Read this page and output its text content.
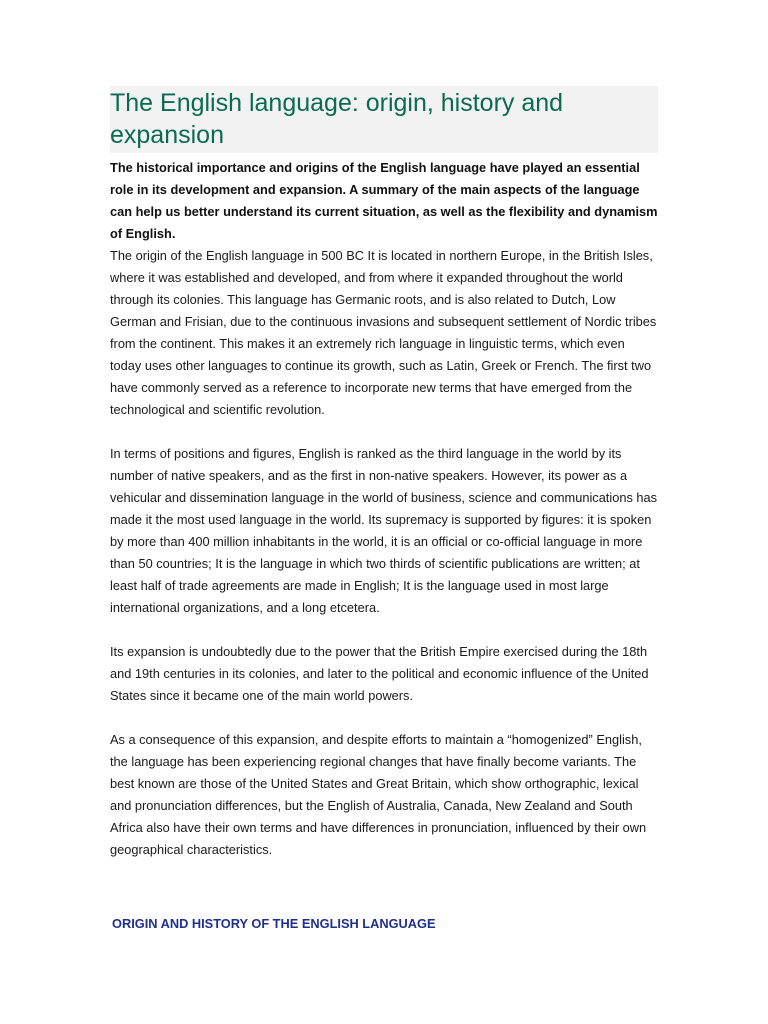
The English language: origin, history and expansion

The historical importance and origins of the English language have played an essential role in its development and expansion. A summary of the main aspects of the language can help us better understand its current situation, as well as the flexibility and dynamism of English.

The origin of the English language in 500 BC It is located in northern Europe, in the British Isles, where it was established and developed, and from where it expanded throughout the world through its colonies. This language has Germanic roots, and is also related to Dutch, Low German and Frisian, due to the continuous invasions and subsequent settlement of Nordic tribes from the continent. This makes it an extremely rich language in linguistic terms, which even today uses other languages to continue its growth, such as Latin, Greek or French. The first two have commonly served as a reference to incorporate new terms that have emerged from the technological and scientific revolution.

In terms of positions and figures, English is ranked as the third language in the world by its number of native speakers, and as the first in non-native speakers. However, its power as a vehicular and dissemination language in the world of business, science and communications has made it the most used language in the world. Its supremacy is supported by figures: it is spoken by more than 400 million inhabitants in the world, it is an official or co-official language in more than 50 countries; It is the language in which two thirds of scientific publications are written; at least half of trade agreements are made in English; It is the language used in most large international organizations, and a long etcetera.

Its expansion is undoubtedly due to the power that the British Empire exercised during the 18th and 19th centuries in its colonies, and later to the political and economic influence of the United States since it became one of the main world powers.

As a consequence of this expansion, and despite efforts to maintain a “homogenized” English, the language has been experiencing regional changes that have finally become variants. The best known are those of the United States and Great Britain, which show orthographic, lexical and pronunciation differences, but the English of Australia, Canada, New Zealand and South Africa also have their own terms and have differences in pronunciation, influenced by their own geographical characteristics.

ORIGIN AND HISTORY OF THE ENGLISH LANGUAGE
